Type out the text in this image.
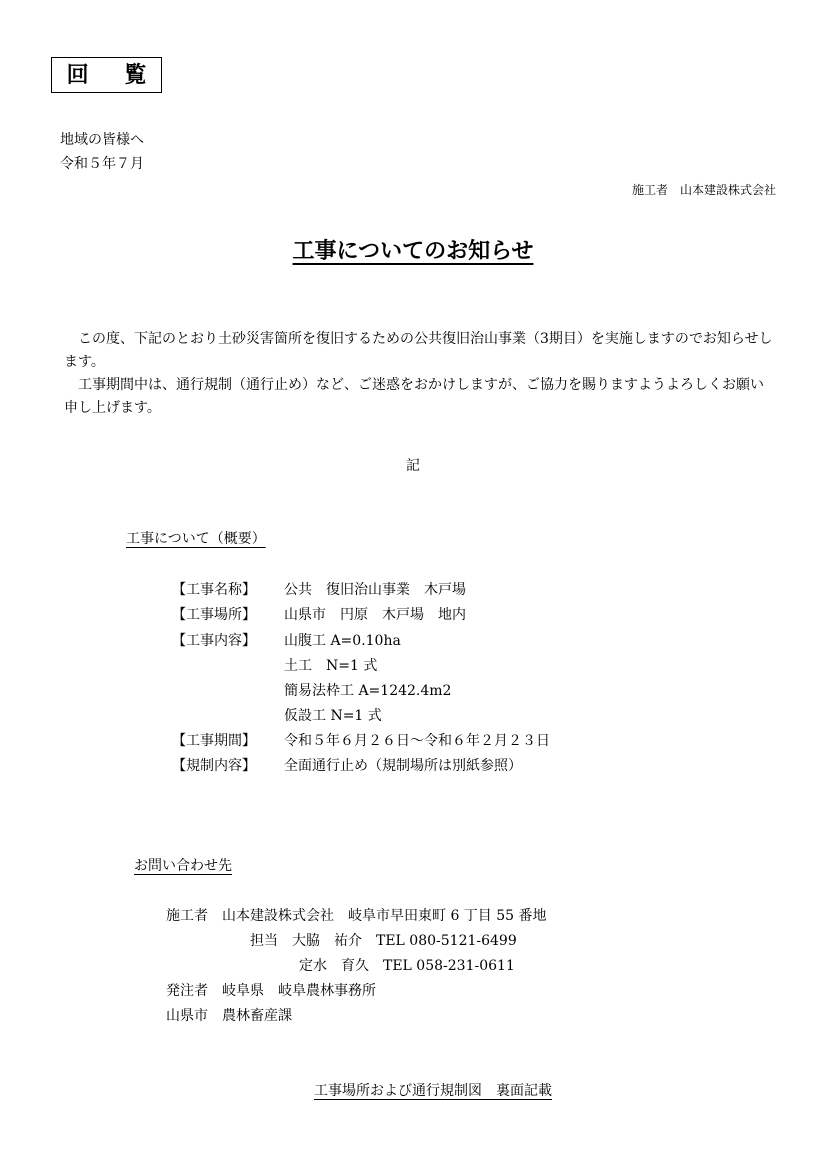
回 覧
地域の皆様へ
令和５年７月
施工者　山本建設株式会社
工事についてのお知らせ
この度、下記のとおり土砂災害箇所を復旧するための公共復旧治山事業（3期目）を実施しますのでお知らせします。
工事期間中は、通行規制（通行止め）など、ご迷惑をおかけしますが、ご協力を賜りますようよろしくお願い申し上げます。
記
工事について（概要）
【工事名称】 公共　復旧治山事業　木戸場
【工事場所】 山県市　円原　木戸場　地内
【工事内容】 山腹工 A=0.10ha
土工　N=1 式
簡易法枠工 A=1242.4m2
仮設工 N=1 式
【工事期間】 令和５年６月２６日～令和６年２月２３日
【規制内容】 全面通行止め（規制場所は別紙参照）
お問い合わせ先
施工者　山本建設株式会社　岐阜市早田東町 6 丁目 55 番地
担当　大脇　祐介　TEL 080-5121-6499
定水　育久　TEL 058-231-0611
発注者　岐阜県　岐阜農林事務所
山県市　農林畜産課
工事場所および通行規制図　裏面記載
